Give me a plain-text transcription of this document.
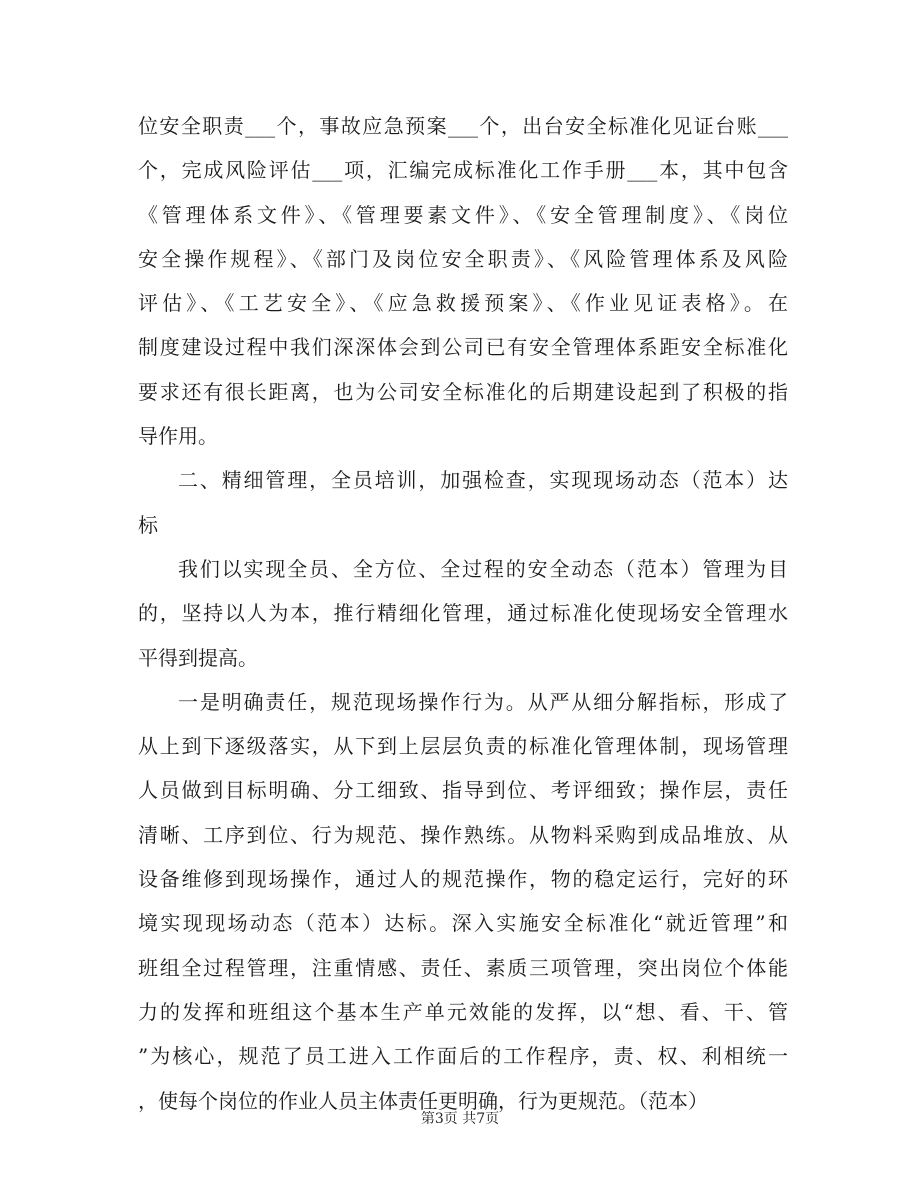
位安全职责___个，事故应急预案___个，出台安全标准化见证台账___
个，完成风险评估___项，汇编完成标准化工作手册___本，其中包含
《管理体系文件》、《管理要素文件》、《安全管理制度》、《岗位
安全操作规程》、《部门及岗位安全职责》、《风险管理体系及风险
评估》、《工艺安全》、《应急救援预案》、《作业见证表格》。在
制度建设过程中我们深深体会到公司已有安全管理体系距安全标准化
要求还有很长距离，也为公司安全标准化的后期建设起到了积极的指
导作用。
二、精细管理，全员培训，加强检查，实现现场动态（范本）达
标
我们以实现全员、全方位、全过程的安全动态（范本）管理为目
的，坚持以人为本，推行精细化管理，通过标准化使现场安全管理水
平得到提高。
一是明确责任，规范现场操作行为。从严从细分解指标，形成了
从上到下逐级落实，从下到上层层负责的标准化管理体制，现场管理
人员做到目标明确、分工细致、指导到位、考评细致；操作层，责任
清晰、工序到位、行为规范、操作熟练。从物料采购到成品堆放、从
设备维修到现场操作，通过人的规范操作，物的稳定运行，完好的环
境实现现场动态（范本）达标。深入实施安全标准化“就近管理”和
班组全过程管理，注重情感、责任、素质三项管理，突出岗位个体能
力的发挥和班组这个基本生产单元效能的发挥，以“想、看、干、管
”为核心，规范了员工进入工作面后的工作程序，责、权、利相统一
，使每个岗位的作业人员主体责任更明确，行为更规范。（范本）
第3页 共7页
